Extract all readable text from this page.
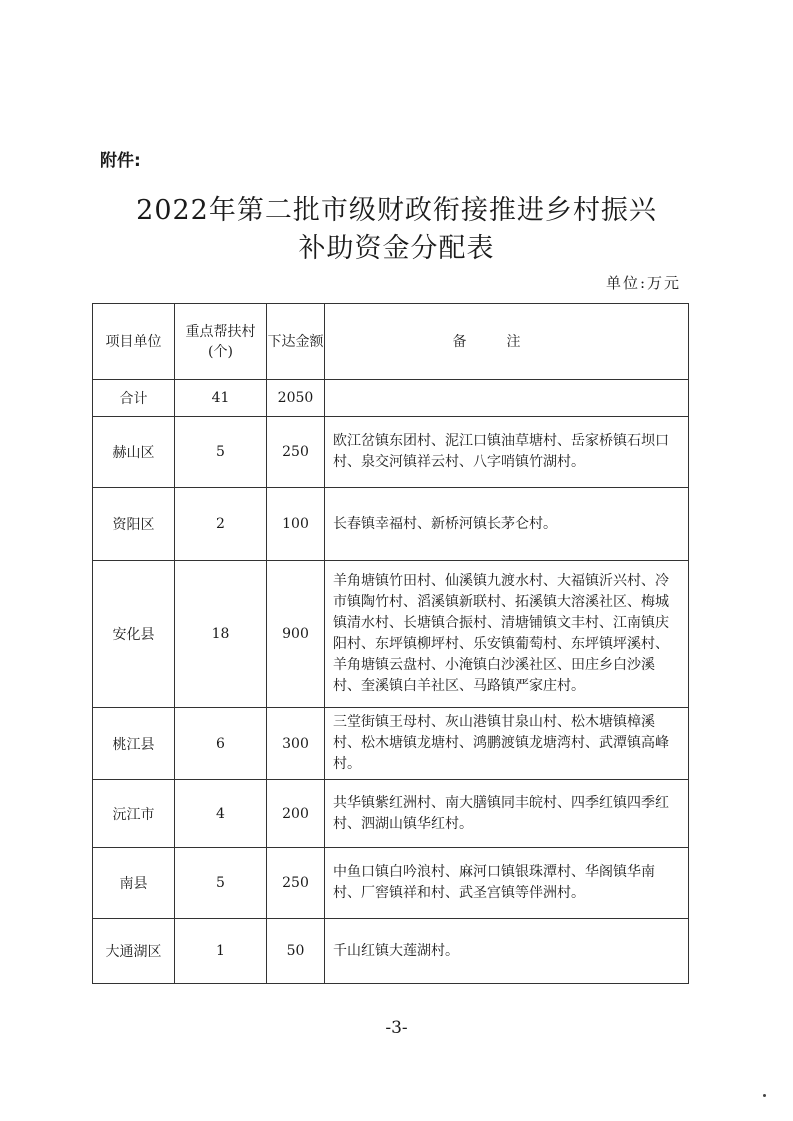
附件:
2022年第二批市级财政衔接推进乡村振兴
补助资金分配表
单位:万元
项目单位	重点帮扶村(个)	下达金额	备注
合计	41	2050	
赫山区	5	250	欧江岔镇东团村、泥江口镇油草塘村、岳家桥镇石坝口村、泉交河镇祥云村、八字哨镇竹湖村。
资阳区	2	100	长春镇幸福村、新桥河镇长茅仑村。
安化县	18	900	羊角塘镇竹田村、仙溪镇九渡水村、大福镇沂兴村、冷市镇陶竹村、滔溪镇新联村、拓溪镇大溶溪社区、梅城镇清水村、长塘镇合振村、清塘铺镇文丰村、江南镇庆阳村、东坪镇柳坪村、乐安镇葡萄村、东坪镇坪溪村、羊角塘镇云盘村、小淹镇白沙溪社区、田庄乡白沙溪村、奎溪镇白羊社区、马路镇严家庄村。
桃江县	6	300	三堂街镇王母村、灰山港镇甘泉山村、松木塘镇樟溪村、松木塘镇龙塘村、鸿鹏渡镇龙塘湾村、武潭镇高峰村。
沅江市	4	200	共华镇紫红洲村、南大膳镇同丰皖村、四季红镇四季红村、泗湖山镇华红村。
南县	5	250	中鱼口镇白吟浪村、麻河口镇银珠潭村、华阁镇华南村、厂窖镇祥和村、武圣宫镇等伴洲村。
大通湖区	1	50	千山红镇大莲湖村。
-3-
